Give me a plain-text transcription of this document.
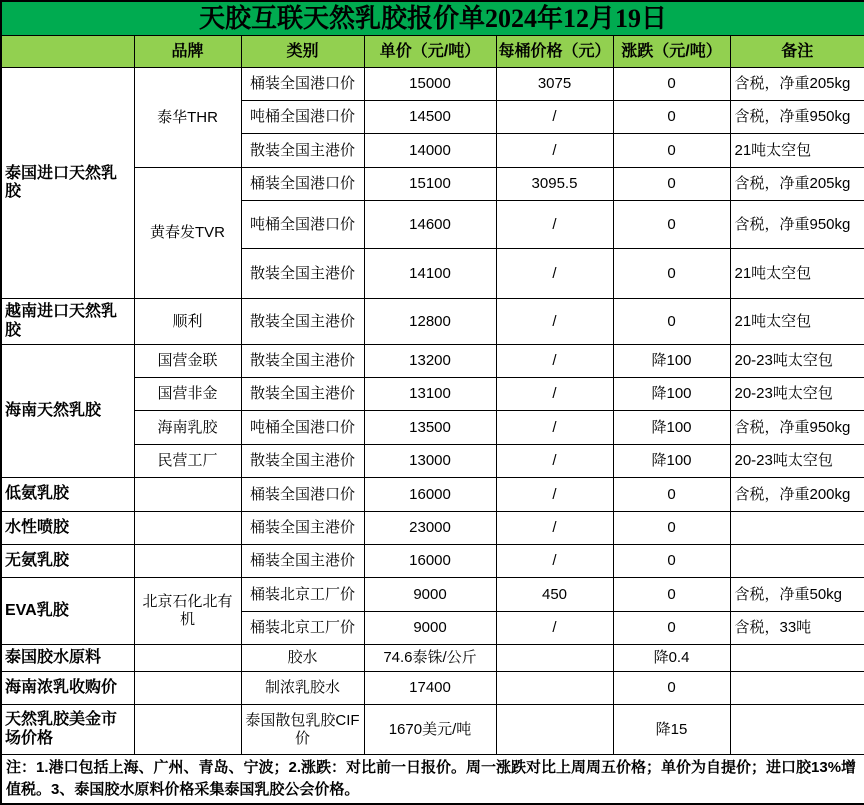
天胶互联天然乳胶报价单2024年12月19日						
	品牌	类别	单价（元/吨）	每桶价格（元）	涨跌（元/吨）	备注
泰国进口天然乳胶	泰华THR	桶装全国港口价	15000	3075	0	含税，净重205kg
		吨桶全国港口价	14500	/	0	含税，净重950kg
		散装全国主港价	14000	/	0	21吨太空包
	黄春发TVR	桶装全国港口价	15100	3095.5	0	含税，净重205kg
		吨桶全国港口价	14600	/	0	含税，净重950kg
		散装全国主港价	14100	/	0	21吨太空包
越南进口天然乳胶	顺利	散装全国主港价	12800	/	0	21吨太空包
海南天然乳胶	国营金联	散装全国主港价	13200	/	降100	20-23吨太空包
	国营非金	散装全国主港价	13100	/	降100	20-23吨太空包
	海南乳胶	吨桶全国港口价	13500	/	降100	含税，净重950kg
	民营工厂	散装全国主港价	13000	/	降100	20-23吨太空包
低氨乳胶		桶装全国港口价	16000	/	0	含税，净重200kg
水性喷胶		桶装全国主港价	23000	/	0	
无氨乳胶		桶装全国主港价	16000	/	0	
EVA乳胶	北京石化北有机	桶装北京工厂价	9000	450	0	含税，净重50kg
		桶装北京工厂价	9000	/	0	含税，33吨
泰国胶水原料		胶水	74.6泰铢/公斤		降0.4	
海南浓乳收购价		制浓乳胶水	17400		0	
天然乳胶美金市场价格		泰国散包乳胶CIF价	1670美元/吨		降15	
注：1.港口包括上海、广州、青岛、宁波；2.涨跌：对比前一日报价。周一涨跌对比上周周五价格；单价为自提价；进口胶13%增值税。3、泰国胶水原料价格采集泰国乳胶公会价格。						
